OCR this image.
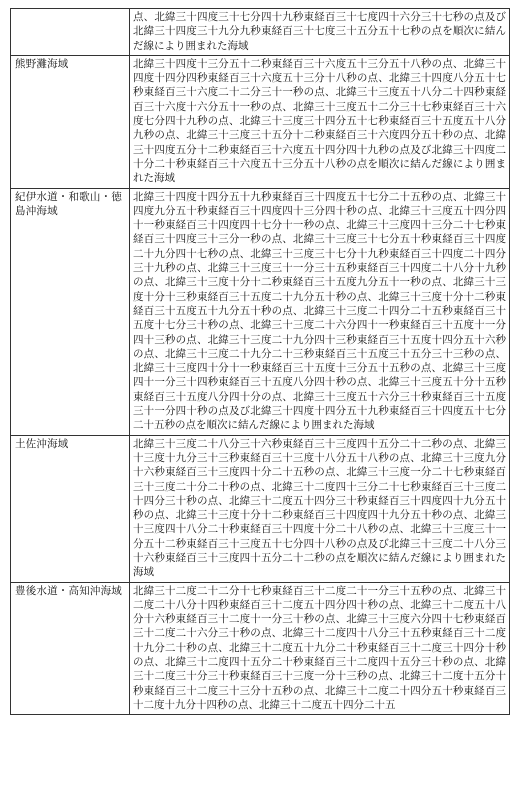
	点、北緯三十四度三十七分四十九秒東経百三十七度四十六分三十七秒の点及び北緯三十四度三十九分九秒東経百三十七度三十五分五十七秒の点を順次に結んだ線により囲まれた海域
熊野灘海域	北緯三十四度十三分五十二秒東経百三十六度五十三分五十八秒の点、北緯三十四度十四分四秒東経百三十六度五十三分十八秒の点、北緯三十四度八分五十七秒東経百三十六度二十二分三十一秒の点、北緯三十三度五十八分二十四秒東経百三十六度十六分五十一秒の点、北緯三十三度五十二分三十七秒東経百三十六度七分四十九秒の点、北緯三十三度三十四分五十七秒東経百三十五度五十八分九秒の点、北緯三十三度三十五分十二秒東経百三十六度四分五十秒の点、北緯三十四度五分十二秒東経百三十六度五十四分四十九秒の点及び北緯三十四度二十分二十秒東経百三十六度五十三分五十八秒の点を順次に結んだ線により囲まれた海域
紀伊水道・和歌山・徳島沖海域	北緯三十四度十四分五十九秒東経百三十四度五十七分二十五秒の点、北緯三十四度九分五十秒東経百三十四度四十三分四十秒の点、北緯三十三度五十四分四十一秒東経百三十四度四十七分十一秒の点、北緯三十三度四十三分二十七秒東経百三十四度三十三分一秒の点、北緯三十三度三十七分五十秒東経百三十四度二十九分四十七秒の点、北緯三十三度三十七分十九秒東経百三十四度二十四分三十九秒の点、北緯三十三度三十一分三十五秒東経百三十四度二十八分十九秒の点、北緯三十三度十分十二秒東経百三十五度九分五十一秒の点、北緯三十三度十分十三秒東経百三十五度二十九分五十秒の点、北緯三十三度十分十二秒東経百三十五度五十九分五十秒の点、北緯三十三度二十四分二十五秒東経百三十五度十七分三十秒の点、北緯三十三度二十六分四十一秒東経百三十五度十一分四十三秒の点、北緯三十三度二十九分四十三秒東経百三十五度十四分五十六秒の点、北緯三十三度二十九分二十三秒東経百三十五度三十五分三十三秒の点、北緯三十三度四十分十一秒東経百三十五度十三分五十五秒の点、北緯三十三度四十一分三十四秒東経百三十五度八分四十秒の点、北緯三十三度五十分十五秒東経百三十五度八分四十分の点、北緯三十三度五十六分三十秒東経百三十五度三十一分四十秒の点及び北緯三十四度十四分五十九秒東経百三十四度五十七分二十五秒の点を順次に結んだ線により囲まれた海域
土佐沖海域	北緯三十三度二十八分三十六秒東経百三十三度四十五分二十二秒の点、北緯三十三度十九分三十三秒東経百三十三度十八分五十八秒の点、北緯三十三度九分十六秒東経百三十三度四十分二十五秒の点、北緯三十三度一分二十七秒東経百三十三度二十分二十秒の点、北緯三十二度四十三分二十七秒東経百三十三度二十四分三十秒の点、北緯三十二度五十四分三十秒東経百三十四度四十九分五十秒の点、北緯三十三度十分十二秒東経百三十四度四十九分五十秒の点、北緯三十三度四十八分二十秒東経百三十四度十分二十八秒の点、北緯三十三度三十一分五十二秒東経百三十三度五十七分四十八秒の点及び北緯三十三度二十八分三十六秒東経百三十三度四十五分二十二秒の点を順次に結んだ線により囲まれた海域
豊後水道・高知沖海域	北緯三十二度二十二分十七秒東経百三十二度二十一分三十五秒の点、北緯三十二度二十八分十四秒東経百三十二度五十四分四十秒の点、北緯三十二度五十八分十六秒東経百三十二度十一分三十秒の点、北緯三十三度六分四十七秒東経百三十二度二十六分三十秒の点、北緯三十二度四十八分三十五秒東経百三十二度十九分二十秒の点、北緯三十二度五十九分二十秒東経百三十二度三十四分十秒の点、北緯三十二度四十五分二十秒東経百三十二度四十五分三十秒の点、北緯三十二度三十分三十秒東経百三十三度一分十三秒の点、北緯三十二度十五分十秒東経百三十二度三十三分十五秒の点、北緯三十二度二十四分五十秒東経百三十二度十九分十四秒の点、北緯三十二度五十四分二十五
